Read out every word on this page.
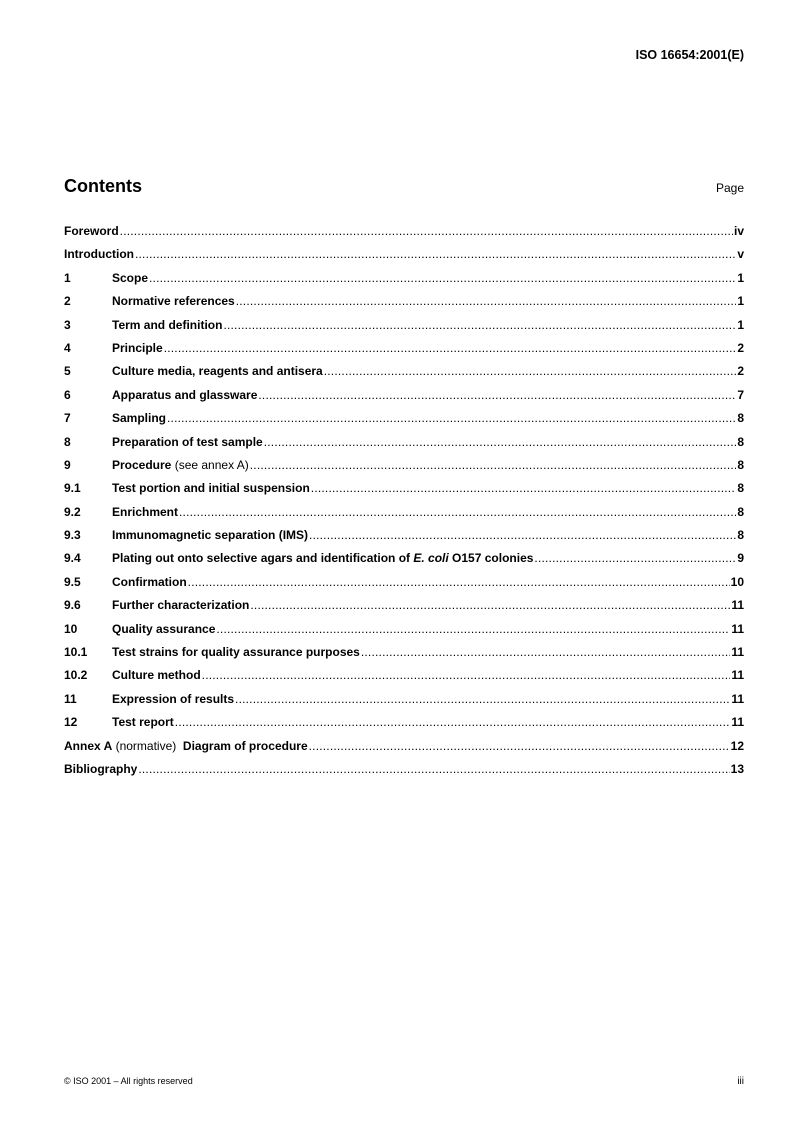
ISO 16654:2001(E)
Contents	Page
Foreword .....	iv
Introduction .....	v
1	Scope .....	1
2	Normative references .....	1
3	Term and definition .....	1
4	Principle .....	2
5	Culture media, reagents and antisera .....	2
6	Apparatus and glassware .....	7
7	Sampling .....	8
8	Preparation of test sample .....	8
9	Procedure (see annex A) .....	8
9.1	Test portion and initial suspension .....	8
9.2	Enrichment .....	8
9.3	Immunomagnetic separation (IMS) .....	8
9.4	Plating out onto selective agars and identification of E. coli O157 colonies .....	9
9.5	Confirmation .....	10
9.6	Further characterization .....	11
10	Quality assurance .....	11
10.1	Test strains for quality assurance purposes .....	11
10.2	Culture method .....	11
11	Expression of results .....	11
12	Test report .....	11
Annex A (normative)  Diagram of procedure .....	12
Bibliography .....	13
© ISO 2001 – All rights reserved	iii
